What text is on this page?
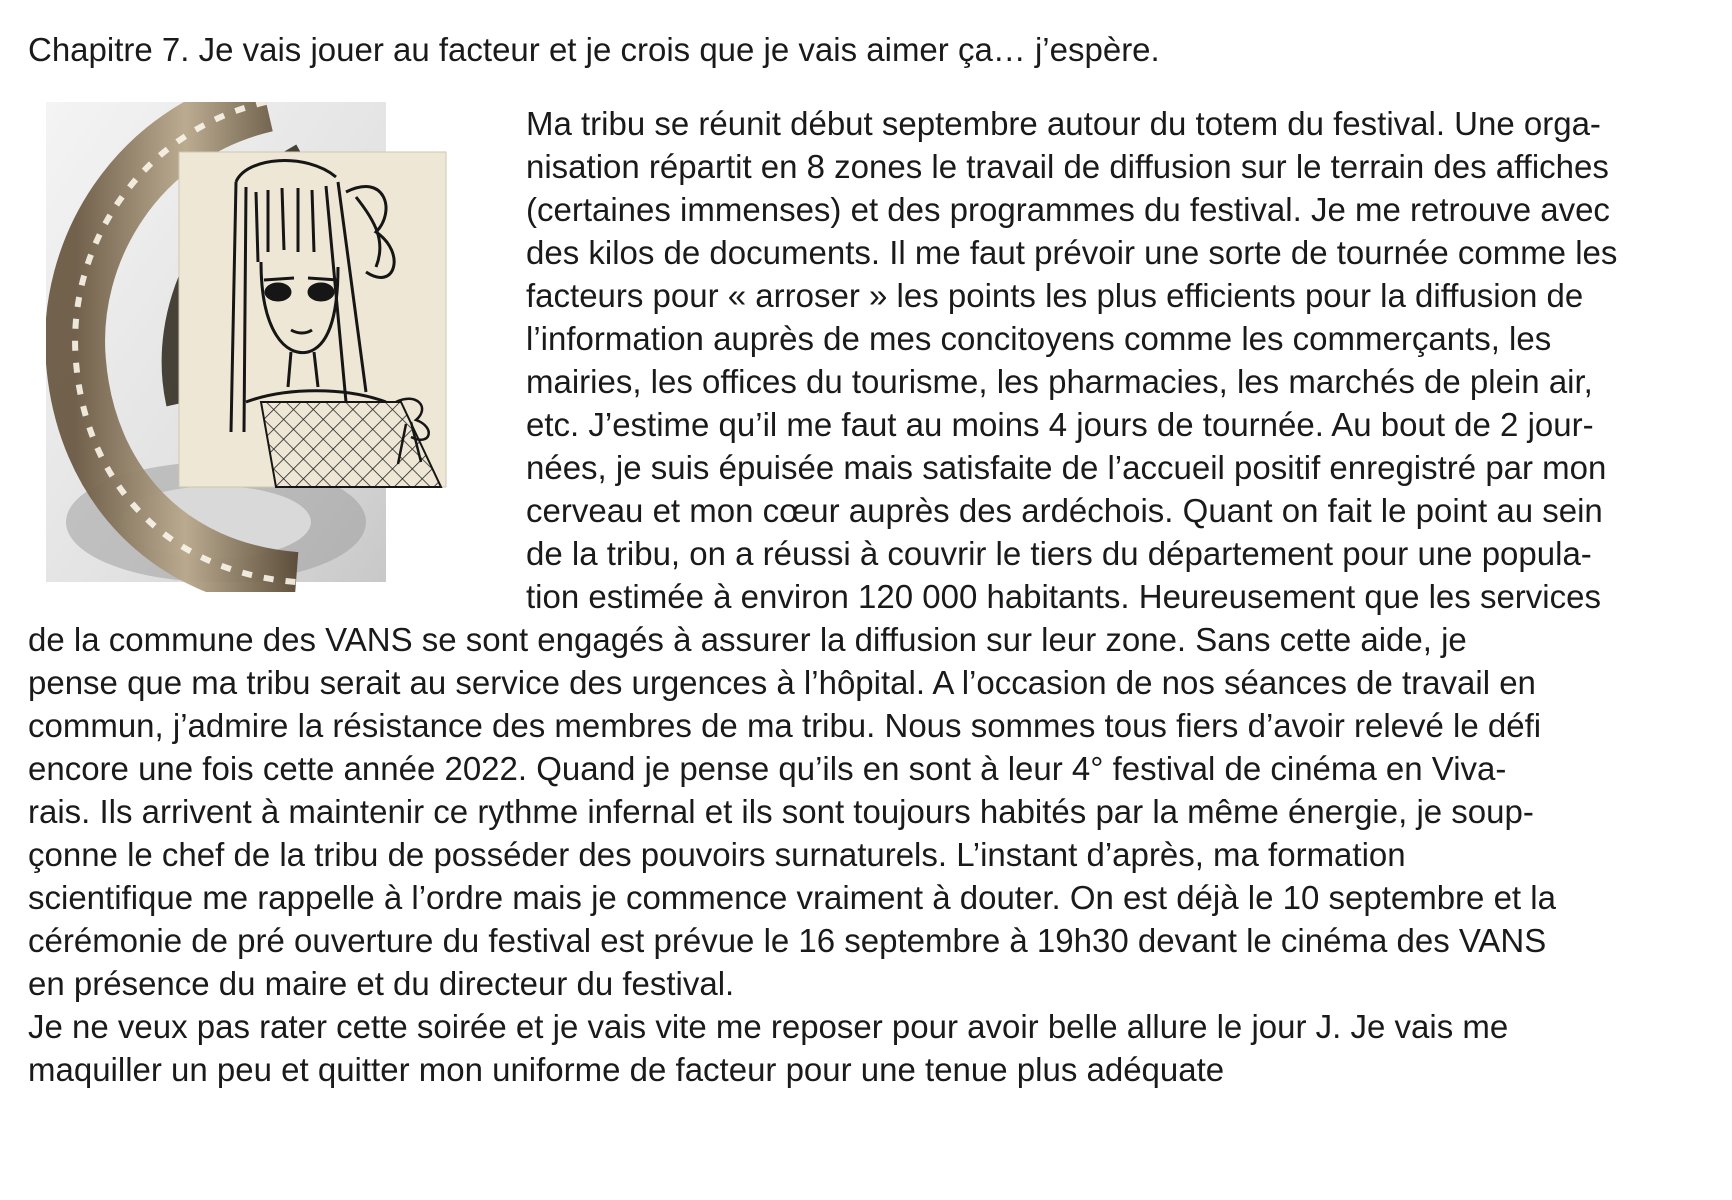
Chapitre 7. Je vais jouer au facteur et je crois que je vais aimer ça… j’espère.

Ma tribu se réunit début septembre autour du totem du festival. Une orga-
nisation répartit en 8 zones le travail de diffusion sur le terrain des affiches
(certaines immenses) et des programmes du festival. Je me retrouve avec
des kilos de documents. Il me faut prévoir une sorte de tournée comme les
facteurs pour « arroser » les points les plus efficients pour la diffusion de
l’information auprès de mes concitoyens comme les commerçants, les
mairies, les offices du tourisme, les pharmacies, les marchés de plein air,
etc. J’estime qu’il me faut au moins 4 jours de tournée. Au bout de 2 jour-
nées, je suis épuisée mais satisfaite de l’accueil positif enregistré par mon
cerveau et mon cœur auprès des ardéchois. Quant on fait le point au sein
de la tribu, on a réussi à couvrir le tiers du département pour une popula-
tion estimée à environ 120 000 habitants. Heureusement que les services
de la commune des VANS se sont engagés à assurer la diffusion sur leur zone. Sans cette aide, je
pense que ma tribu serait au service des urgences à l’hôpital. A l’occasion de nos séances de travail en
commun, j’admire la résistance des membres de ma tribu. Nous sommes tous fiers d’avoir relevé le défi
encore une fois cette année 2022. Quand je pense qu’ils en sont à leur 4° festival de cinéma en Viva-
rais. Ils arrivent à maintenir ce rythme infernal et ils sont toujours habités par la même énergie, je soup-
çonne le chef de la tribu de posséder des pouvoirs surnaturels. L’instant d’après, ma formation
scientifique me rappelle à l’ordre mais je commence vraiment à douter. On est déjà le 10 septembre et la
cérémonie de pré ouverture du festival est prévue le 16 septembre à 19h30 devant le cinéma des VANS
en présence du maire et du directeur du festival.
Je ne veux pas rater cette soirée et je vais vite me reposer pour avoir belle allure le jour J. Je vais me
maquiller un peu et quitter mon uniforme de facteur pour une tenue plus adéquate
